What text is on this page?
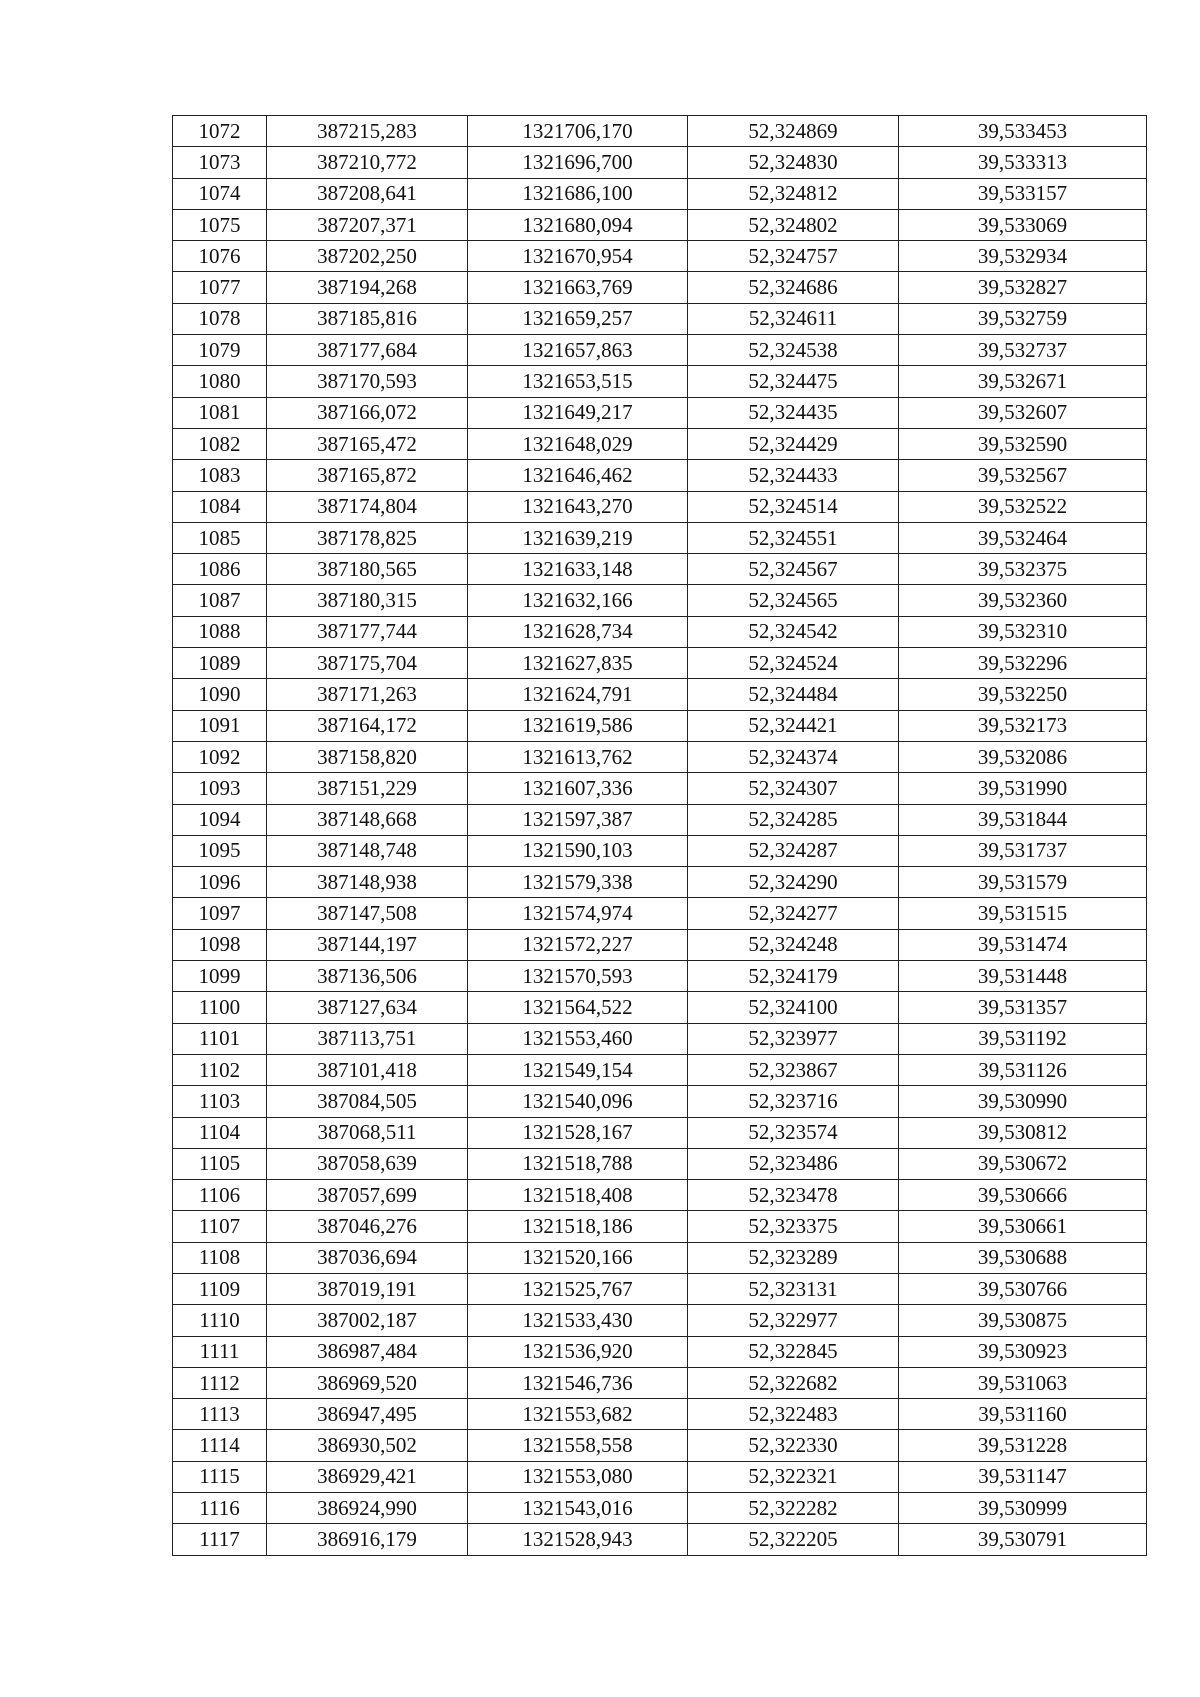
1072	387215,283	1321706,170	52,324869	39,533453
1073	387210,772	1321696,700	52,324830	39,533313
1074	387208,641	1321686,100	52,324812	39,533157
1075	387207,371	1321680,094	52,324802	39,533069
1076	387202,250	1321670,954	52,324757	39,532934
1077	387194,268	1321663,769	52,324686	39,532827
1078	387185,816	1321659,257	52,324611	39,532759
1079	387177,684	1321657,863	52,324538	39,532737
1080	387170,593	1321653,515	52,324475	39,532671
1081	387166,072	1321649,217	52,324435	39,532607
1082	387165,472	1321648,029	52,324429	39,532590
1083	387165,872	1321646,462	52,324433	39,532567
1084	387174,804	1321643,270	52,324514	39,532522
1085	387178,825	1321639,219	52,324551	39,532464
1086	387180,565	1321633,148	52,324567	39,532375
1087	387180,315	1321632,166	52,324565	39,532360
1088	387177,744	1321628,734	52,324542	39,532310
1089	387175,704	1321627,835	52,324524	39,532296
1090	387171,263	1321624,791	52,324484	39,532250
1091	387164,172	1321619,586	52,324421	39,532173
1092	387158,820	1321613,762	52,324374	39,532086
1093	387151,229	1321607,336	52,324307	39,531990
1094	387148,668	1321597,387	52,324285	39,531844
1095	387148,748	1321590,103	52,324287	39,531737
1096	387148,938	1321579,338	52,324290	39,531579
1097	387147,508	1321574,974	52,324277	39,531515
1098	387144,197	1321572,227	52,324248	39,531474
1099	387136,506	1321570,593	52,324179	39,531448
1100	387127,634	1321564,522	52,324100	39,531357
1101	387113,751	1321553,460	52,323977	39,531192
1102	387101,418	1321549,154	52,323867	39,531126
1103	387084,505	1321540,096	52,323716	39,530990
1104	387068,511	1321528,167	52,323574	39,530812
1105	387058,639	1321518,788	52,323486	39,530672
1106	387057,699	1321518,408	52,323478	39,530666
1107	387046,276	1321518,186	52,323375	39,530661
1108	387036,694	1321520,166	52,323289	39,530688
1109	387019,191	1321525,767	52,323131	39,530766
1110	387002,187	1321533,430	52,322977	39,530875
1111	386987,484	1321536,920	52,322845	39,530923
1112	386969,520	1321546,736	52,322682	39,531063
1113	386947,495	1321553,682	52,322483	39,531160
1114	386930,502	1321558,558	52,322330	39,531228
1115	386929,421	1321553,080	52,322321	39,531147
1116	386924,990	1321543,016	52,322282	39,530999
1117	386916,179	1321528,943	52,322205	39,530791
